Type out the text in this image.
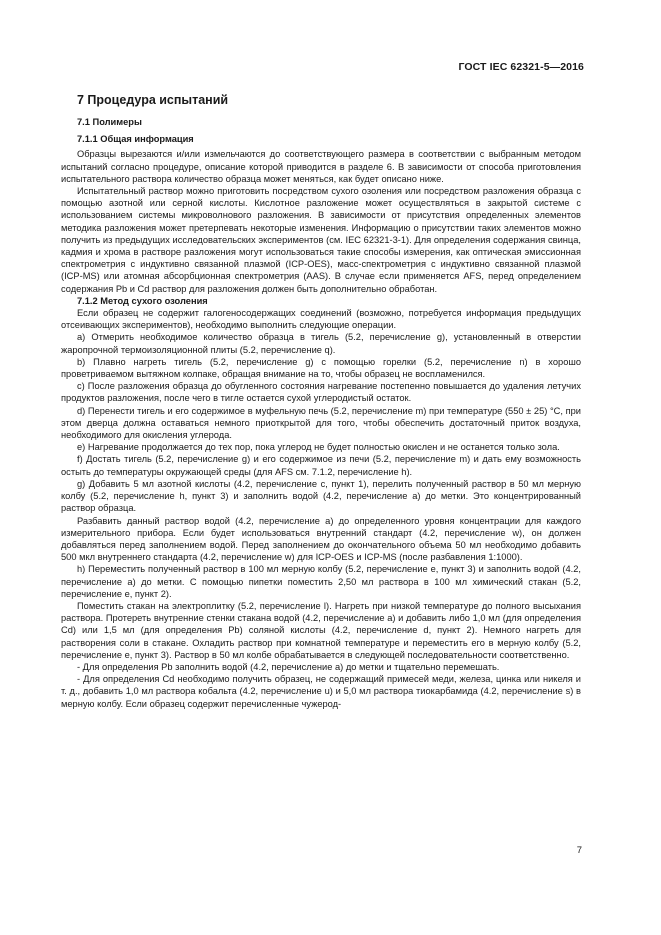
ГОСТ IEC 62321-5—2016
7 Процедура испытаний
7.1 Полимеры
7.1.1 Общая информация

Образцы вырезаются и/или измельчаются до соответствующего размера в соответствии с выбранным методом испытаний согласно процедуре, описание которой приводится в разделе 6. В зависимости от способа приготовления испытательного раствора количество образца может меняться, как будет описано ниже.

Испытательный раствор можно приготовить посредством сухого озоления или посредством разложения образца с помощью азотной или серной кислоты. Кислотное разложение может осуществляться в закрытой системе с использованием системы микроволнового разложения. В зависимости от присутствия определенных элементов методика разложения может претерпевать некоторые изменения. Информацию о присутствии таких элементов можно получить из предыдущих исследовательских экспериментов (см. IEC 62321-3-1). Для определения содержания свинца, кадмия и хрома в растворе разложения могут использоваться такие способы измерения, как оптическая эмиссионная спектрометрия с индуктивно связанной плазмой (ICP-OES), масс-спектрометрия с индуктивно связанной плазмой (ICP-MS) или атомная абсорбционная спектрометрия (AAS). В случае если применяется AFS, перед определением содержания Pb и Cd раствор для разложения должен быть дополнительно обработан.

7.1.2 Метод сухого озоления

Если образец не содержит галогеносодержащих соединений (возможно, потребуется информация предыдущих отсеивающих экспериментов), необходимо выполнить следующие операции.

a) Отмерить необходимое количество образца в тигель (5.2, перечисление g), установленный в отверстии жаропрочной термоизоляционной плиты (5.2, перечисление q).

b) Плавно нагреть тигель (5.2, перечисление g) с помощью горелки (5.2, перечисление n) в хорошо проветриваемом вытяжном колпаке, обращая внимание на то, чтобы образец не воспламенился.

c) После разложения образца до обугленного состояния нагревание постепенно повышается до удаления летучих продуктов разложения, после чего в тигле остается сухой углеродистый остаток.

d) Перенести тигель и его содержимое в муфельную печь (5.2, перечисление m) при температуре (550 ± 25) °C, при этом дверца должна оставаться немного приоткрытой для того, чтобы обеспечить достаточный приток воздуха, необходимого для окисления углерода.

e) Нагревание продолжается до тех пор, пока углерод не будет полностью окислен и не останется только зола.

f) Достать тигель (5.2, перечисление g) и его содержимое из печи (5.2, перечисление m) и дать ему возможность остыть до температуры окружающей среды (для AFS см. 7.1.2, перечисление h).

g) Добавить 5 мл азотной кислоты (4.2, перечисление c, пункт 1), перелить полученный раствор в 50 мл мерную колбу (5.2, перечисление h, пункт 3) и заполнить водой (4.2, перечисление a) до метки. Это концентрированный раствор образца.

Разбавить данный раствор водой (4.2, перечисление a) до определенного уровня концентрации для каждого измерительного прибора. Если будет использоваться внутренний стандарт (4.2, перечисление w), он должен добавляться перед заполнением водой. Перед заполнением до окончательного объема 50 мл необходимо добавить 500 мкл внутреннего стандарта (4.2, перечисление w) для ICP-OES и ICP-MS (после разбавления 1:1000).

h) Переместить полученный раствор в 100 мл мерную колбу (5.2, перечисление e, пункт 3) и заполнить водой (4.2, перечисление a) до метки. С помощью пипетки поместить 2,50 мл раствора в 100 мл химический стакан (5.2, перечисление e, пункт 2).

Поместить стакан на электроплитку (5.2, перечисление l). Нагреть при низкой температуре до полного высыхания раствора. Протереть внутренние стенки стакана водой (4.2, перечисление a) и добавить либо 1,0 мл (для определения Cd) или 1,5 мл (для определения Pb) соляной кислоты (4.2, перечисление d, пункт 2). Немного нагреть для растворения соли в стакане. Охладить раствор при комнатной температуре и переместить его в мерную колбу (5.2, перечисление e, пункт 3). Раствор в 50 мл колбе обрабатывается в следующей последовательности соответственно.

- Для определения Pb заполнить водой (4.2, перечисление a) до метки и тщательно перемешать.

- Для определения Cd необходимо получить образец, не содержащий примесей меди, железа, цинка или никеля и т. д., добавить 1,0 мл раствора кобальта (4.2, перечисление u) и 5,0 мл раствора тиокарбамида (4.2, перечисление s) в мерную колбу. Если образец содержит перечисленные чужерод-

7
